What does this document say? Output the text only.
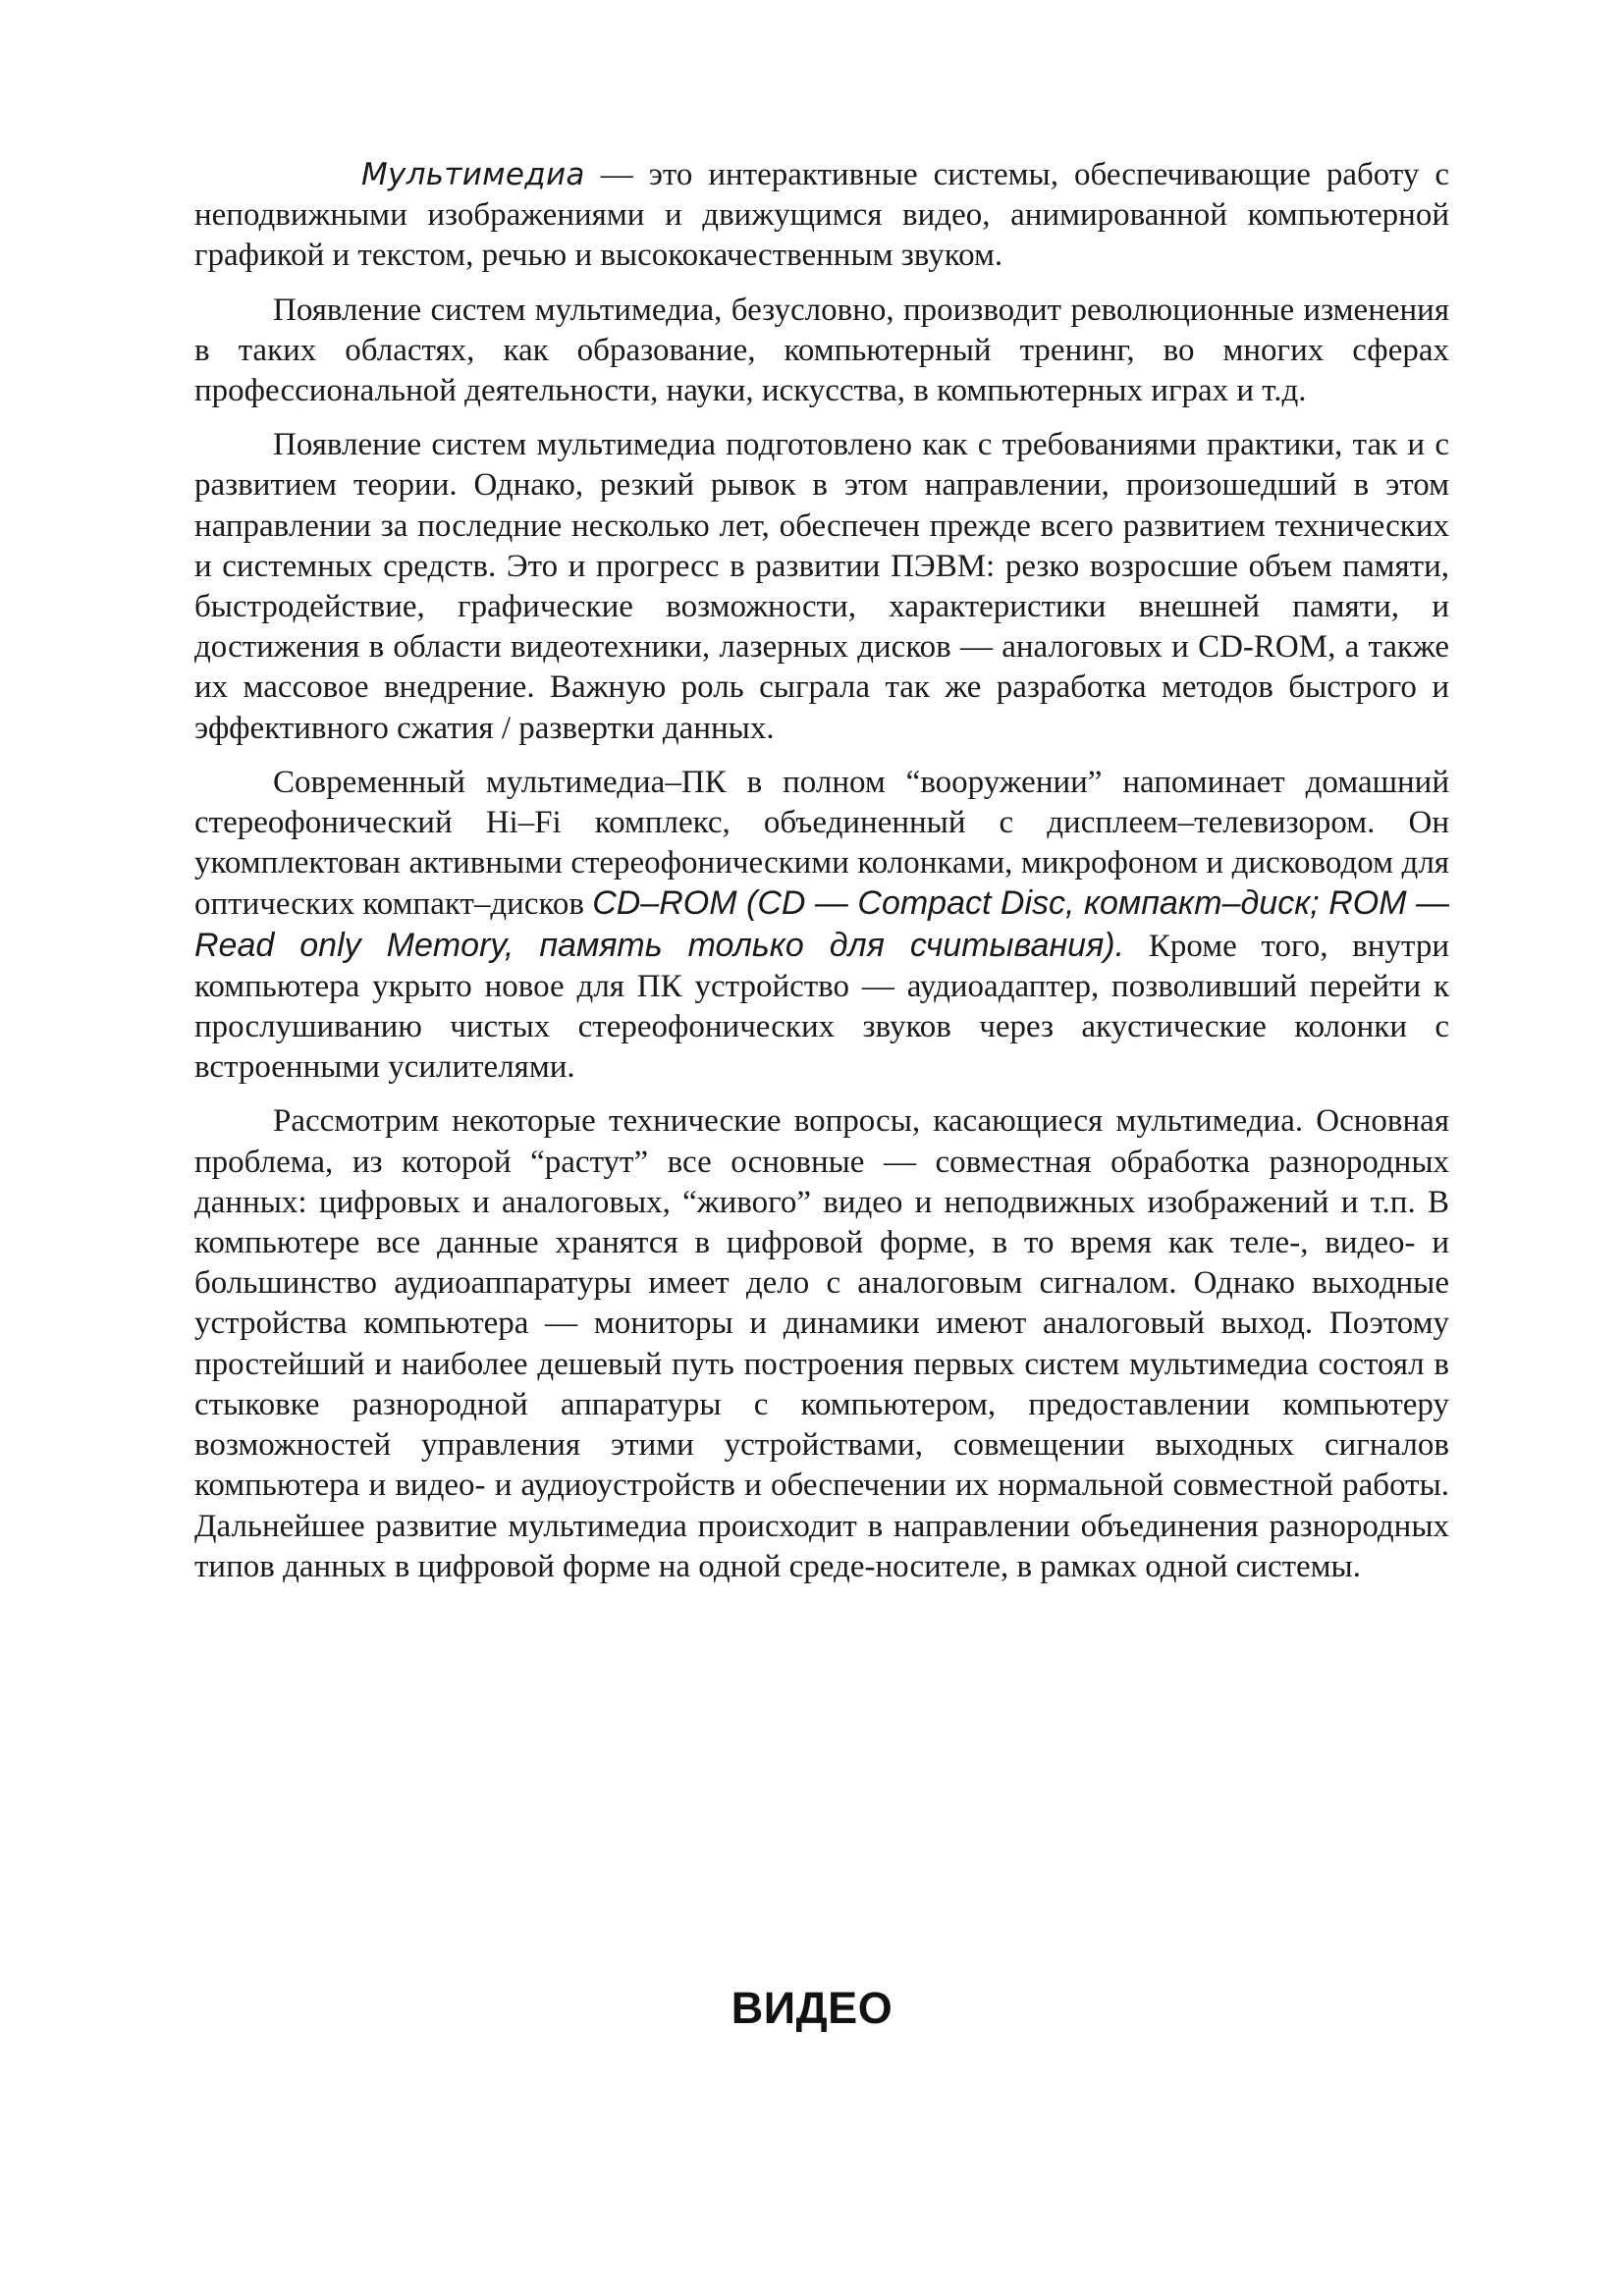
Мультимедиа — это интерактивные системы, обеспечивающие работу с неподвижными изображениями и движущимся видео, анимированной компьютерной графикой и текстом, речью и высококачественным звуком.

Появление систем мультимедиа, безусловно, производит революционные изменения в таких областях, как образование, компьютерный тренинг, во многих сферах профессиональной деятельности, науки, искусства, в компьютерных играх и т.д.

Появление систем мультимедиа подготовлено как с требованиями практики, так и с развитием теории. Однако, резкий рывок в этом направлении, произошедший в этом направлении за последние несколько лет, обеспечен прежде всего развитием технических и системных средств. Это и прогресс в развитии ПЭВМ: резко возросшие объем памяти, быстродействие, графические возможности, характеристики внешней памяти, и достижения в области видеотехники, лазерных дисков — аналоговых и CD-ROM, а также их массовое внедрение. Важную роль сыграла так же разработка методов быстрого и эффективного сжатия / развертки данных.

Современный мультимедиа–ПК в полном “вооружении” напоминает домашний стереофонический Hi–Fi комплекс, объединенный с дисплеем–телевизором. Он укомплектован активными стереофоническими колонками, микрофоном и дисководом для оптических компакт–дисков CD–ROM (CD — Compact Disc, компакт–диск; ROM — Read only Memory, память только для считывания). Кроме того, внутри компьютера укрыто новое для ПК устройство — аудиоадаптер, позволивший перейти к прослушиванию чистых стереофонических звуков через акустические колонки с встроенными усилителями.

Рассмотрим некоторые технические вопросы, касающиеся мультимедиа. Основная проблема, из которой “растут” все основные — совместная обработка разнородных данных: цифровых и аналоговых, “живого” видео и неподвижных изображений и т.п. В компьютере все данные хранятся в цифровой форме, в то время как теле-, видео- и большинство аудиоаппаратуры имеет дело с аналоговым сигналом. Однако выходные устройства компьютера — мониторы и динамики имеют аналоговый выход. Поэтому простейший и наиболее дешевый путь построения первых систем мультимедиа состоял в стыковке разнородной аппаратуры с компьютером, предоставлении компьютеру возможностей управления этими устройствами, совмещении выходных сигналов компьютера и видео- и аудиоустройств и обеспечении их нормальной совместной работы. Дальнейшее развитие мультимедиа происходит в направлении объединения разнородных типов данных в цифровой форме на одной среде-носителе, в рамках одной системы.

ВИДЕО
